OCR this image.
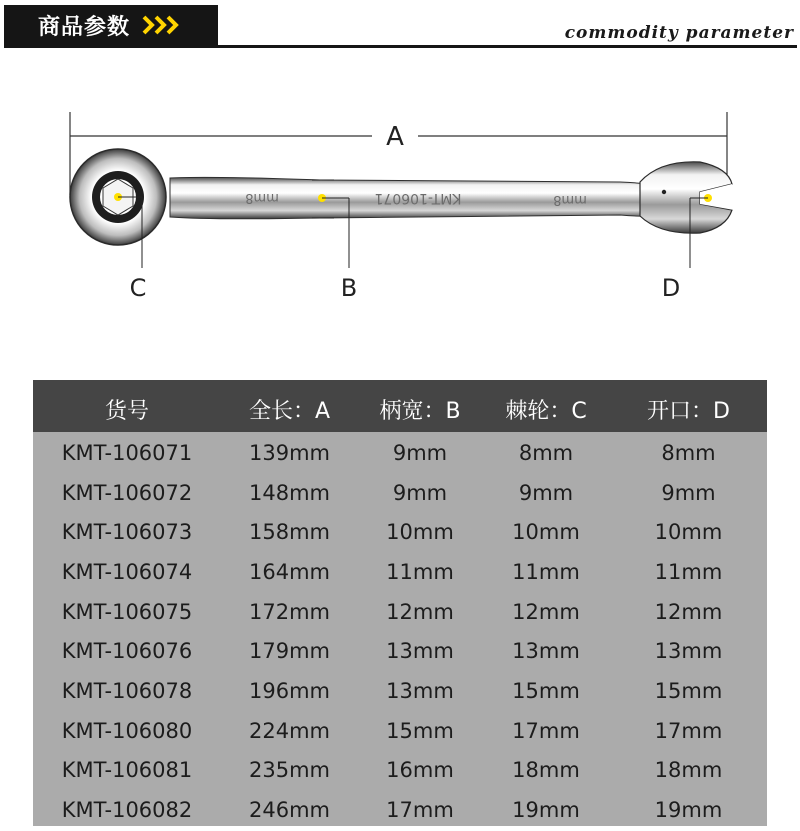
商品参数	commodity parameter
A
mm8	KMT-106071	mm8
C	B	D
货号	全长：A	柄宽：B	棘轮：C	开口：D
KMT-106071	139mm	9mm	8mm	8mm
KMT-106072	148mm	9mm	9mm	9mm
KMT-106073	158mm	10mm	10mm	10mm
KMT-106074	164mm	11mm	11mm	11mm
KMT-106075	172mm	12mm	12mm	12mm
KMT-106076	179mm	13mm	13mm	13mm
KMT-106078	196mm	13mm	15mm	15mm
KMT-106080	224mm	15mm	17mm	17mm
KMT-106081	235mm	16mm	18mm	18mm
KMT-106082	246mm	17mm	19mm	19mm
